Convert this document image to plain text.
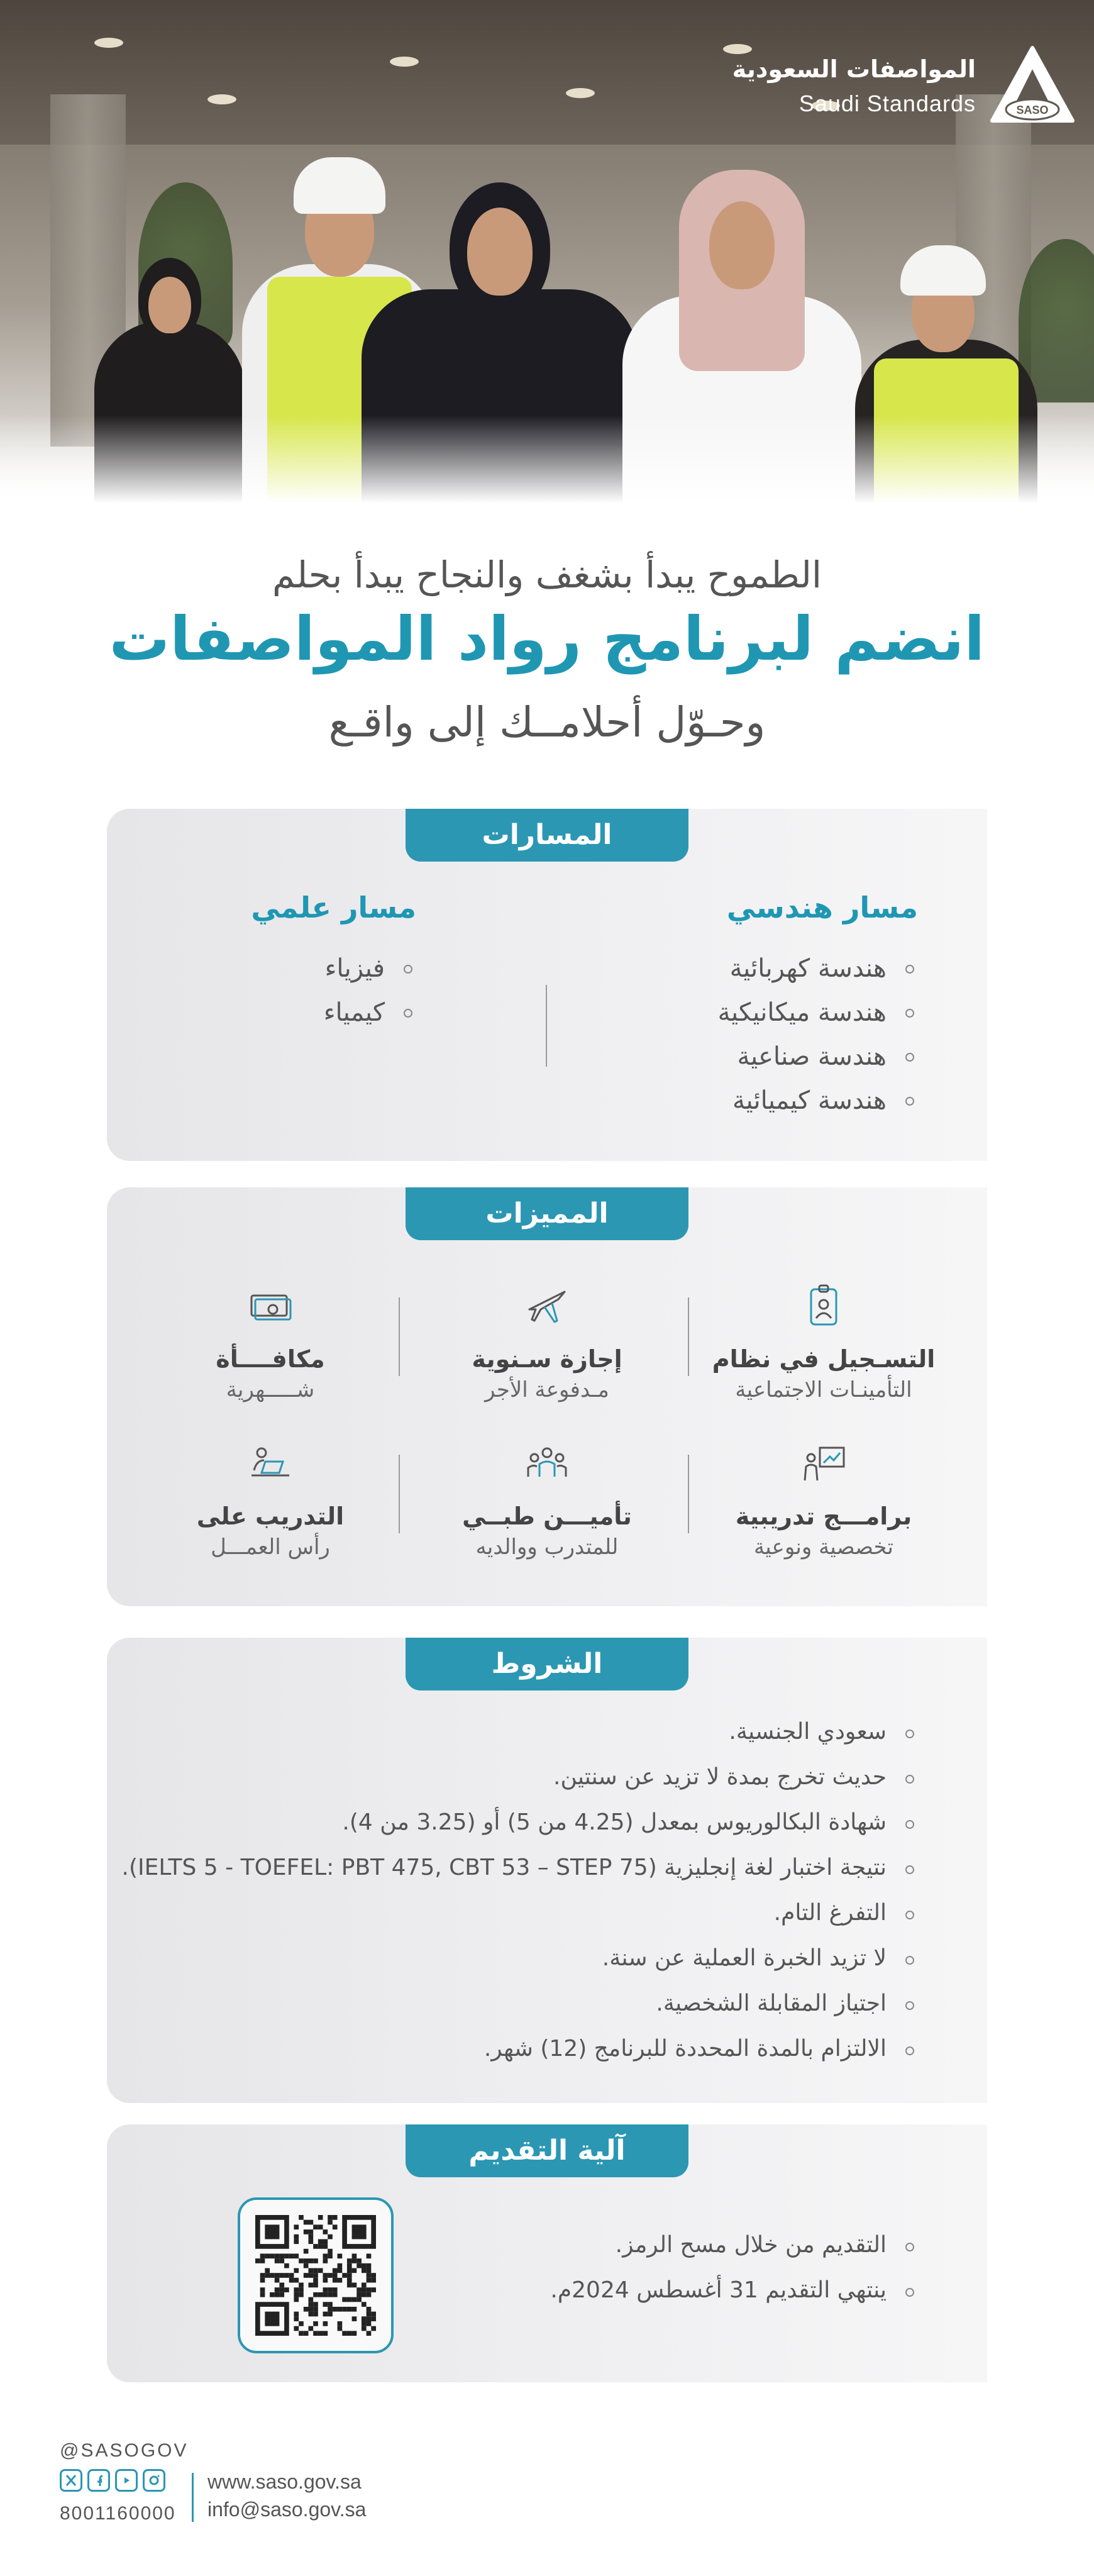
SASO
المواصفات السعودية
Saudi Standards
الطموح يبدأ بشغف والنجاح يبدأ بحلم
انضم لبرنامج رواد المواصفات
وحـوّل أحلامــك إلى واقـع
المسارات
مسار هندسي
هندسة كهربائية
هندسة ميكانيكية
هندسة صناعية
هندسة كيميائية
مسار علمي
فيزياء
كيمياء
المميزات
التسـجيل في نظام
التأمينـات الاجتماعية
إجازة سـنوية
مـدفوعة الأجر
مكافــــأة
شـــــهرية
برامـــج تدريبية
تخصصية ونوعية
تأميـــن طبــي
للمتدرب ووالديه
التدريب على
رأس العمـــل
الشروط
سعودي الجنسية.
حديث تخرج بمدة لا تزيد عن سنتين.
شهادة البكالوريوس بمعدل (4.25 من 5) أو (3.25 من 4).
نتيجة اختبار لغة إنجليزية (IELTS 5 - TOEFEL: PBT 475, CBT 53 – STEP 75).
التفرغ التام.
لا تزيد الخبرة العملية عن سنة.
اجتياز المقابلة الشخصية.
الالتزام بالمدة المحددة للبرنامج (12) شهر.
آلية التقديم
التقديم من خلال مسح الرمز.
ينتهي التقديم 31 أغسطس 2024م.
@SASOGOV
8001160000
www.saso.gov.sa
info@saso.gov.sa
